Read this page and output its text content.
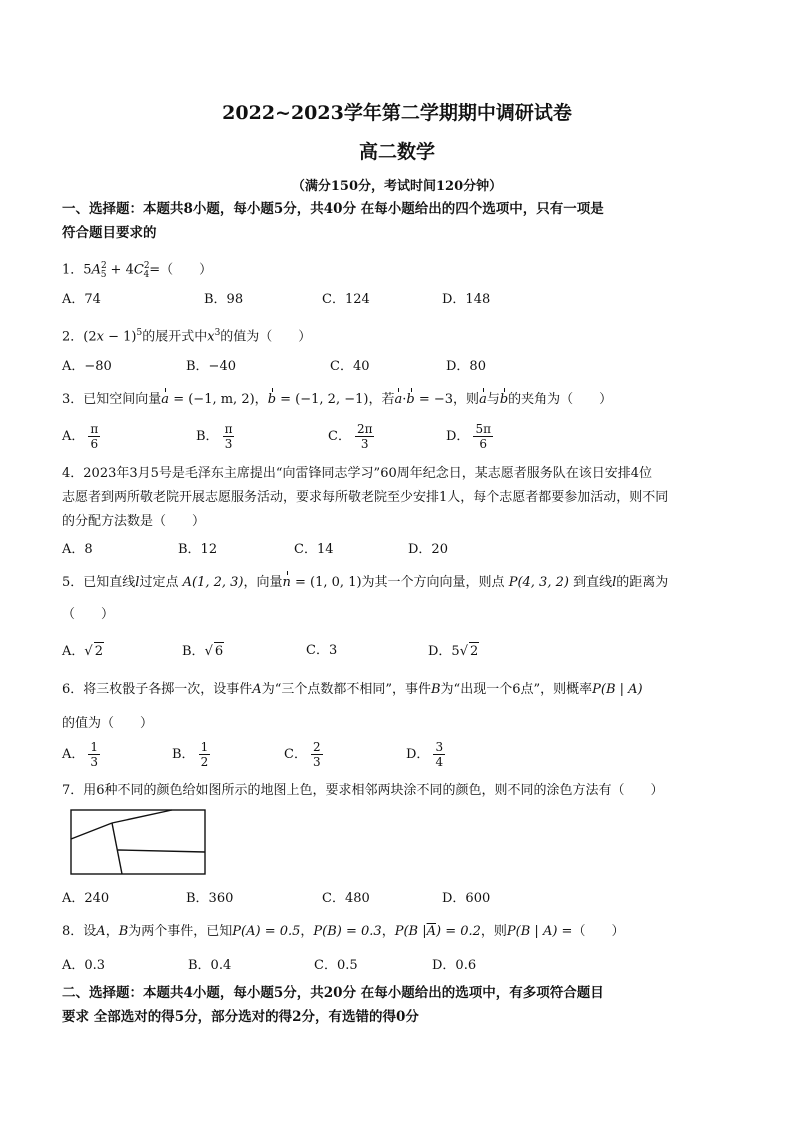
2022~2023学年第二学期期中调研试卷
高二数学
（满分150分，考试时间120分钟）
一、选择题：本题共8小题，每小题5分，共40分 在每小题给出的四个选项中，只有一项是
符合题目要求的
1．$5A^2_5 + 4C^2_4=$（　　）
A．74	B．98	C．124	D．148
2．$(2x - 1)^5$的展开式中$x^3$的值为（　　）
A．−80	B．−40	C．40	D．80
3．已知空间向量a = (−1, m, 2)，b = (−1, 2, −1)，若a·b = −3，则a与b的夹角为（　　）
A． $\frac{\pi}{6}$	B． $\frac{\pi}{3}$	C． $\frac{2\pi}{3}$	D． $\frac{5\pi}{6}$
4．2023年3月5号是毛泽东主席提出“向雷锋同志学习”60周年纪念日，某志愿者服务队在该日安排4位
志愿者到两所敬老院开展志愿服务活动，要求每所敬老院至少安排1人，每个志愿者都要参加活动，则不同
的分配方法数是（　　）
A．8	B．12	C．14	D．20
5．已知直线l过定点 A(1, 2, 3)，向量n = (1, 0, 1)为其一个方向向量，则点 P(4, 3, 2) 到直线l的距离为
（　　）
A．√ 2	B．√ 6	C．3	D．5√ 2
6．将三枚骰子各掷一次，设事件A为“三个点数都不相同”，事件B为“出现一个6点”，则概率P(B | A)
的值为（　　）
A． $\frac{1}{3}$	B． $\frac{1}{2}$	C． $\frac{2}{3}$	D． $\frac{3}{4}$
7．用6种不同的颜色给如图所示的地图上色，要求相邻两块涂不同的颜色，则不同的涂色方法有（　　）
A．240	B．360	C．480	D．600
8．设A，B为两个事件，已知P(A) = 0.5，P(B) = 0.3，P(B $|\overline{A}) = 0.2$，则P(B | A) =（　　）
A．0.3	B．0.4	C．0.5	D．0.6
二、选择题：本题共4小题，每小题5分，共20分 在每小题给出的选项中，有多项符合题目
要求 全部选对的得5分，部分选对的得2分，有选错的得0分
